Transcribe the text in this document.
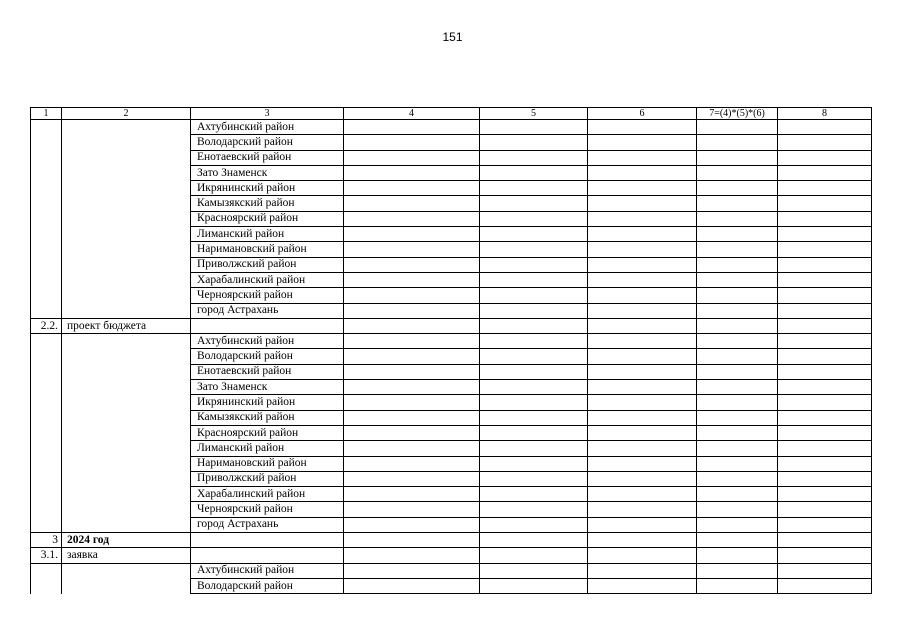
151
1	2	3	4	5	6	7=(4)*(5)*(6)	8
		Ахтубинский район					
		Володарский район					
		Енотаевский район					
		Зато Знаменск					
		Икрянинский район					
		Камызякский район					
		Красноярский район					
		Лиманский район					
		Наримановский район					
		Приволжский район					
		Харабалинский район					
		Черноярский район					
		город Астрахань					
2.2.	проект бюджета						
		Ахтубинский район					
		Володарский район					
		Енотаевский район					
		Зато Знаменск					
		Икрянинский район					
		Камызякский район					
		Красноярский район					
		Лиманский район					
		Наримановский район					
		Приволжский район					
		Харабалинский район					
		Черноярский район					
		город Астрахань					
3	2024 год						
3.1.	заявка						
		Ахтубинский район					
		Володарский район					
